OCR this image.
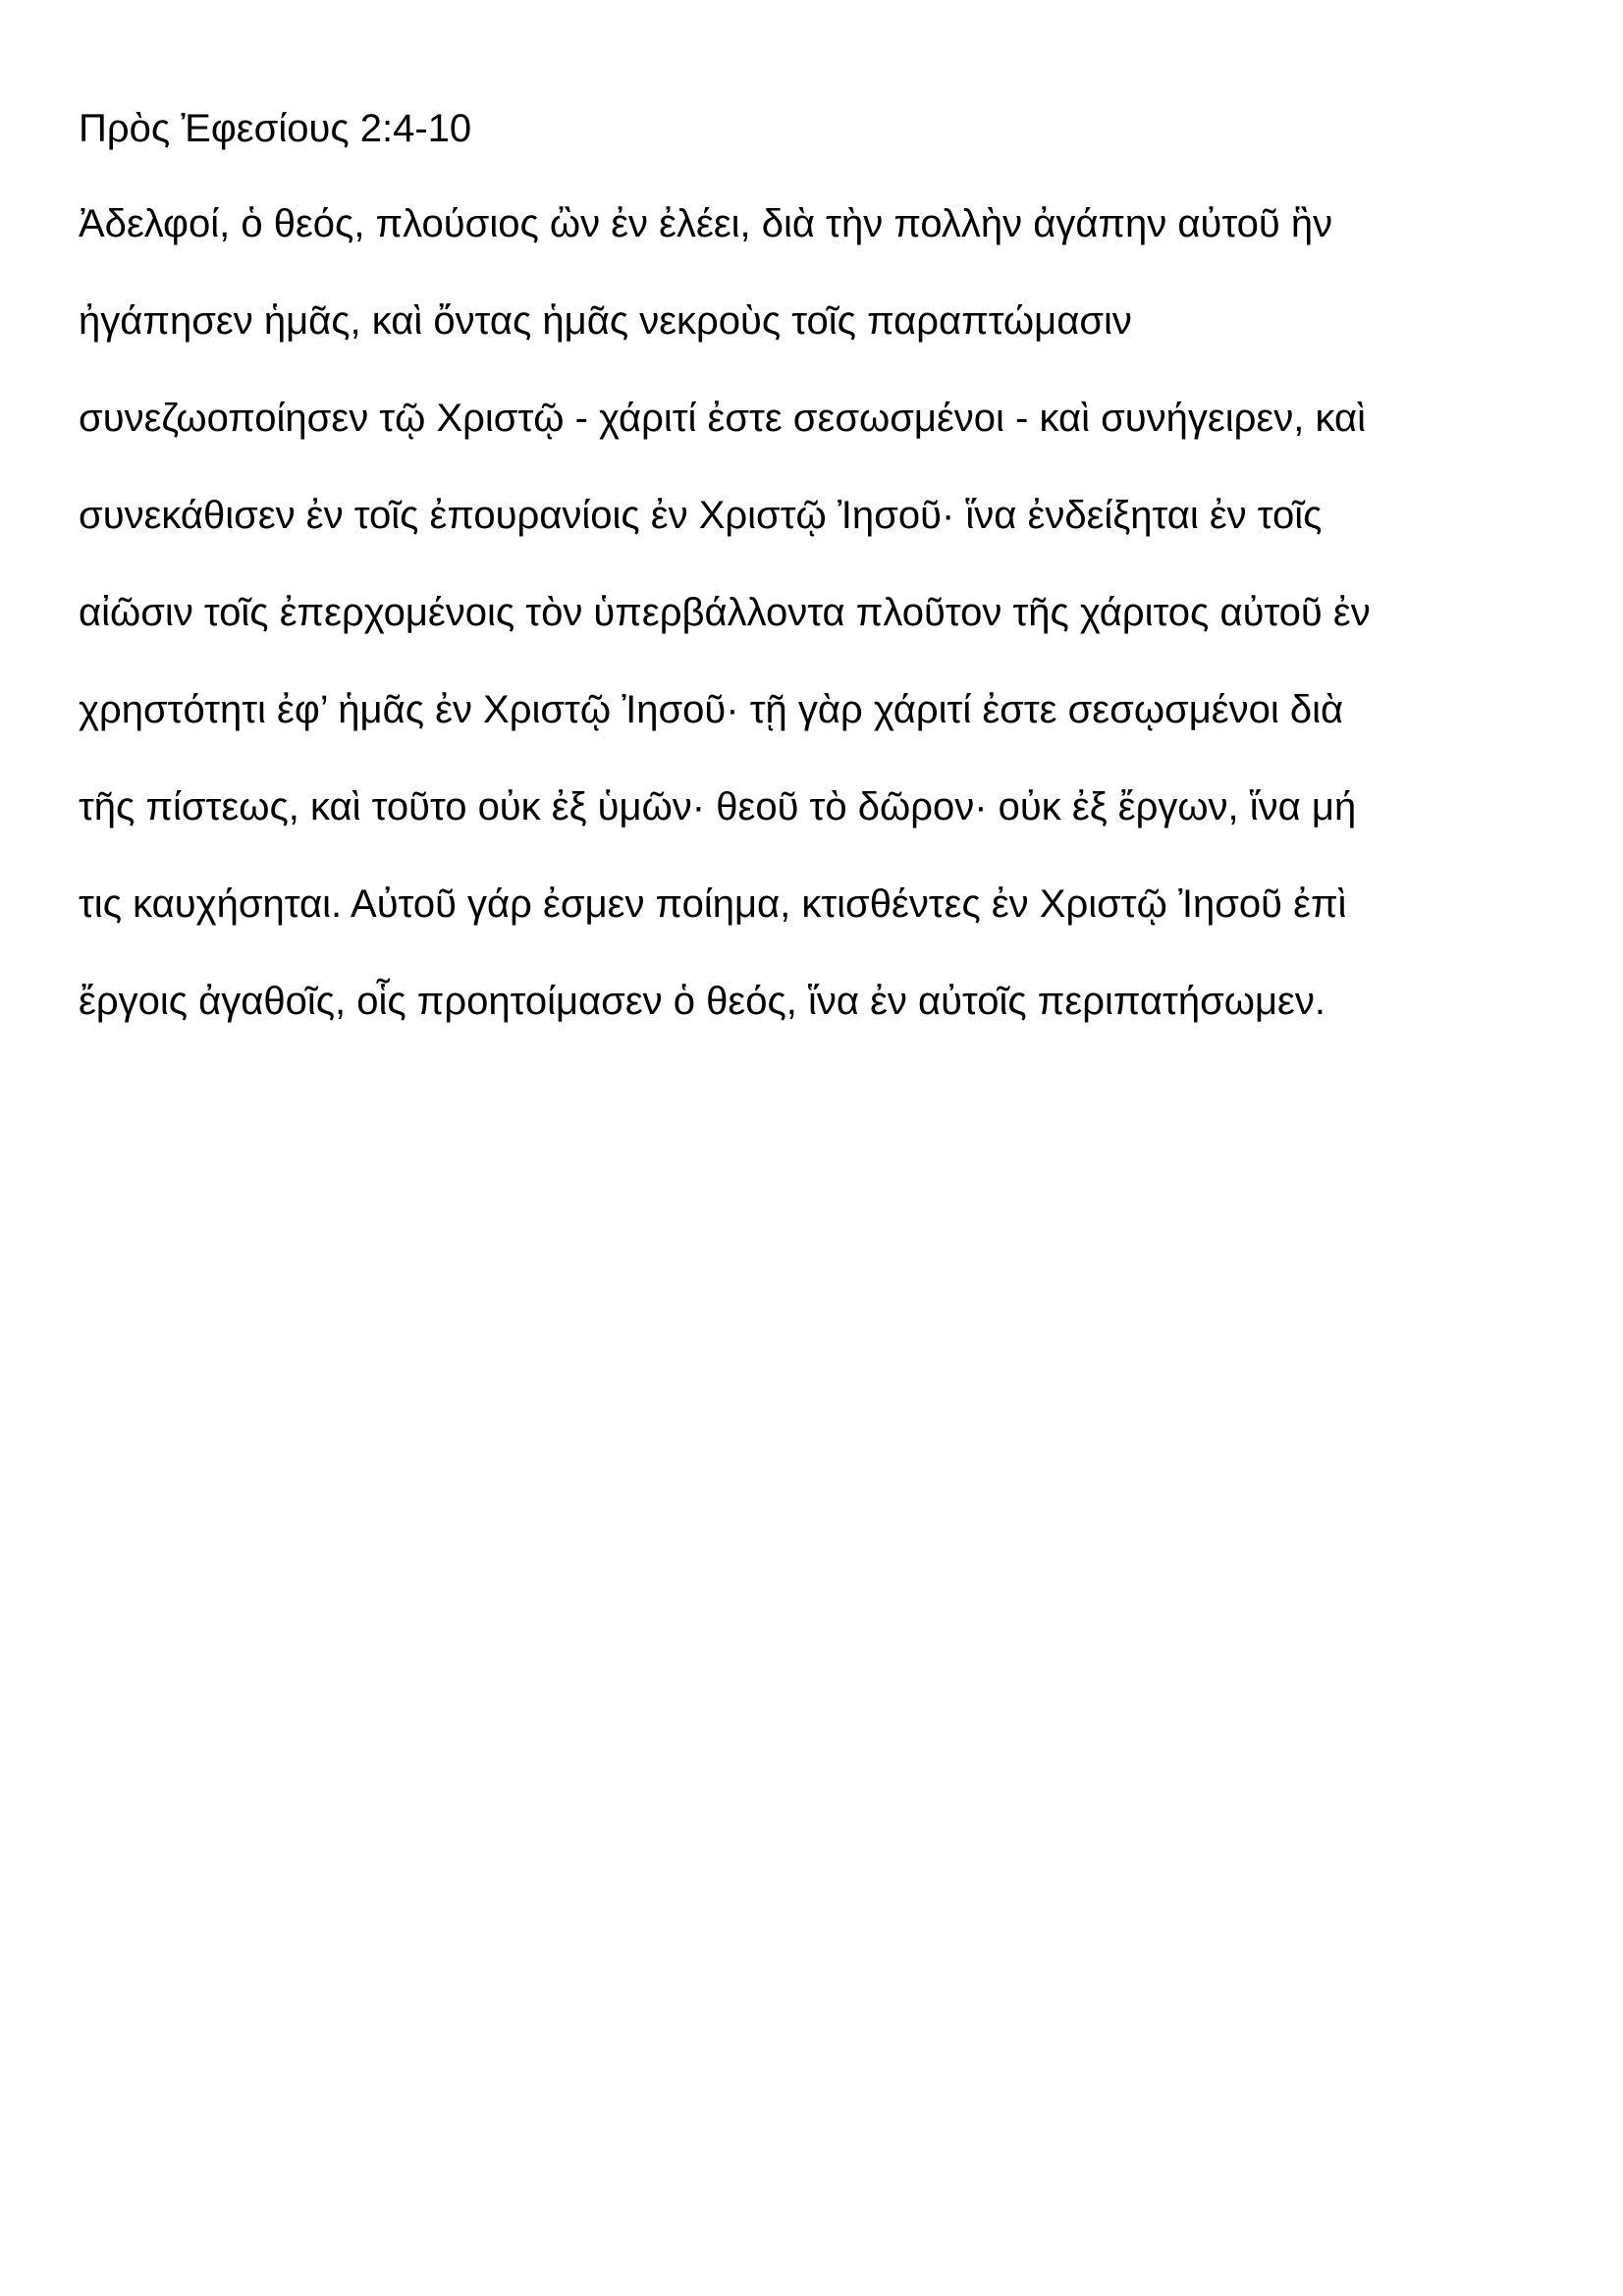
Πρὸς Ἐφεσίους 2:4-10
Ἀδελφοί, ὁ θεός, πλούσιος ὢν ἐν ἐλέει, διὰ τὴν πολλὴν ἀγάπην αὐτοῦ ἣν
ἠγάπησεν ἡμᾶς, καὶ ὄντας ἡμᾶς νεκροὺς τοῖς παραπτώμασιν
συνεζωοποίησεν τῷ Χριστῷ - χάριτί ἐστε σεσωσμένοι - καὶ συνήγειρεν, καὶ
συνεκάθισεν ἐν τοῖς ἐπουρανίοις ἐν Χριστῷ Ἰησοῦ· ἵνα ἐνδείξηται ἐν τοῖς
αἰῶσιν τοῖς ἐπερχομένοις τὸν ὑπερβάλλοντα πλοῦτον τῆς χάριτος αὐτοῦ ἐν
χρηστότητι ἐφ’ ἡμᾶς ἐν Χριστῷ Ἰησοῦ· τῇ γὰρ χάριτί ἐστε σεσῳσμένοι διὰ
τῆς πίστεως, καὶ τοῦτο οὐκ ἐξ ὑμῶν· θεοῦ τὸ δῶρον· οὐκ ἐξ ἔργων, ἵνα μή
τις καυχήσηται. Αὐτοῦ γάρ ἐσμεν ποίημα, κτισθέντες ἐν Χριστῷ Ἰησοῦ ἐπὶ
ἔργοις ἀγαθοῖς, οἷς προητοίμασεν ὁ θεός, ἵνα ἐν αὐτοῖς περιπατήσωμεν.
